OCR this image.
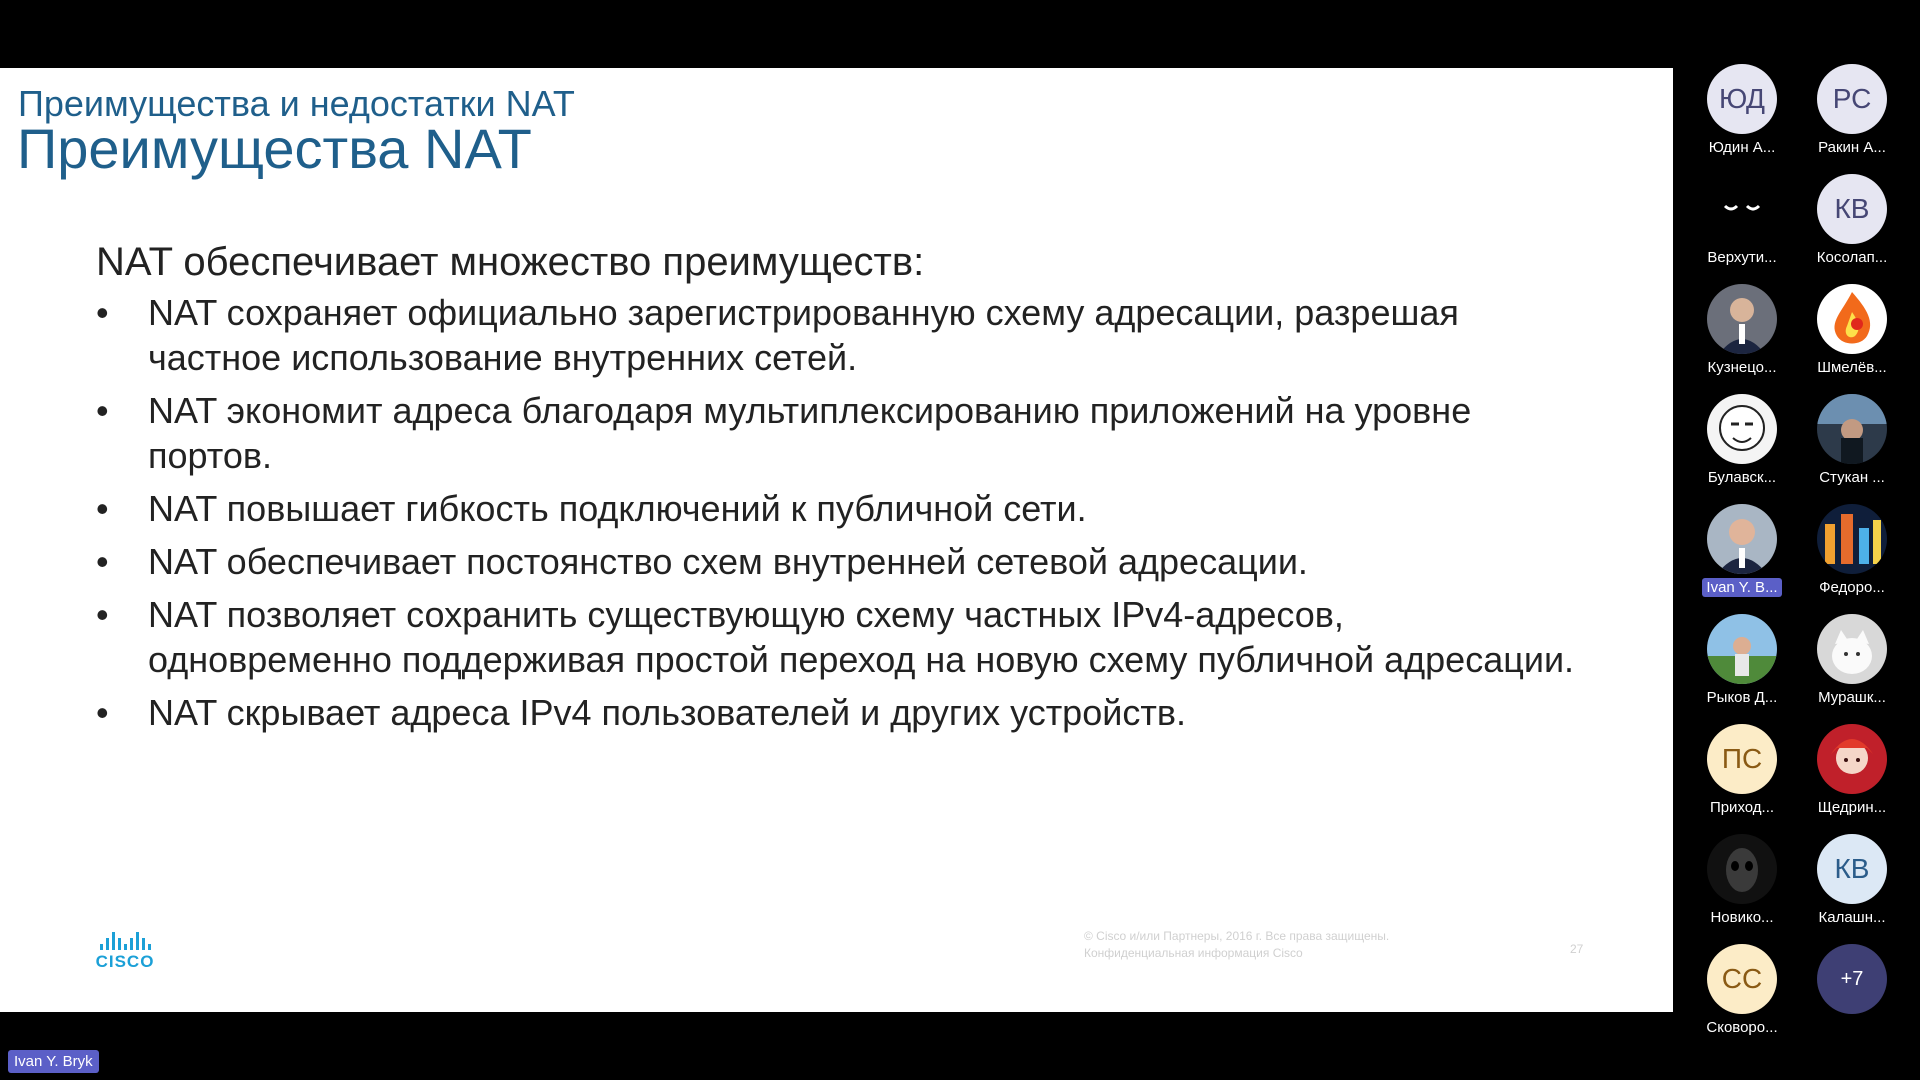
Преимущества и недостатки NAT
Преимущества NAT
NAT обеспечивает множество преимуществ:
• NAT сохраняет официально зарегистрированную схему адресации, разрешая частное использование внутренних сетей.
• NAT экономит адреса благодаря мультиплексированию приложений на уровне портов.
• NAT повышает гибкость подключений к публичной сети.
• NAT обеспечивает постоянство схем внутренней сетевой адресации.
• NAT позволяет сохранить существующую схему частных IPv4-адресов, одновременно поддерживая простой переход на новую схему публичной адресации.
• NAT скрывает адреса IPv4 пользователей и других устройств.
CISCO
© Cisco и/или Партнеры, 2016 г. Все права защищены.
Конфиденциальная информация Cisco	27
ЮД
Юдин А...
РС
Ракин А...
Верхути...
КВ
Косолап...
Кузнецо...	Шмелёв...
Булавск...	Стукан ...
Ivan Y. B...	Федоро...
Рыков Д...	Мурашк...
ПС
Приход...	Щедрин...
Новико...
КВ
Калашн...
СС
Сковоро...
+7
Ivan Y. Bryk
